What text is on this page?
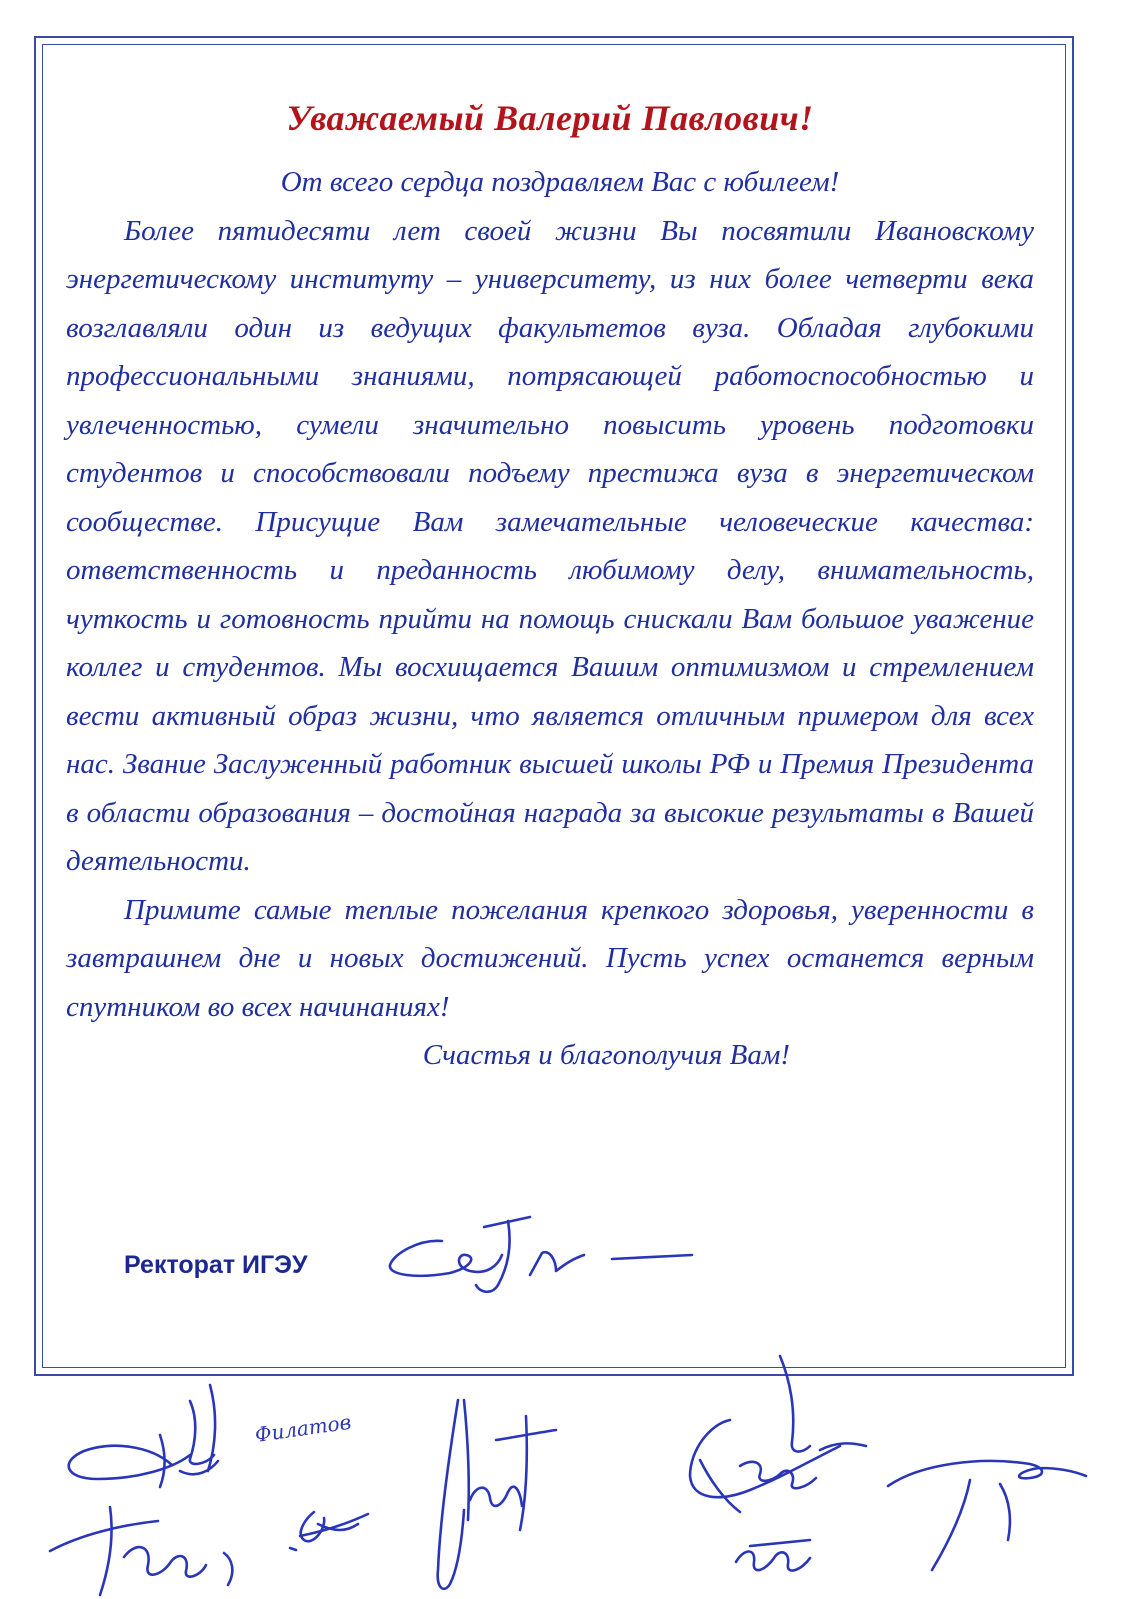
Уважаемый Валерий Павлович!

От всего сердца поздравляем Вас с юбилеем!

Более пятидесяти лет своей жизни Вы посвятили Ивановскому энергетическому институту – университету, из них более четверти века возглавляли один из ведущих факультетов вуза. Обладая глубокими профессиональными знаниями, потрясающей работоспособностью и увлеченностью, сумели значительно повысить уровень подготовки студентов и способствовали подъему престижа вуза в энергетическом сообществе. Присущие Вам замечательные человеческие качества: ответственность и преданность любимому делу, внимательность, чуткость и готовность прийти на помощь снискали Вам большое уважение коллег и студентов. Мы восхищается Вашим оптимизмом и стремлением вести активный образ жизни, что является отличным примером для всех нас. Звание Заслуженный работник высшей школы РФ и Премия Президента в области образования – достойная награда за высокие результаты в Вашей деятельности.

Примите самые теплые пожелания крепкого здоровья, уверенности в завтрашнем дне и новых достижений. Пусть успех останется верным спутником во всех начинаниях!

Счастья и благополучия Вам!

Ректорат ИГЭУ
Филатов
